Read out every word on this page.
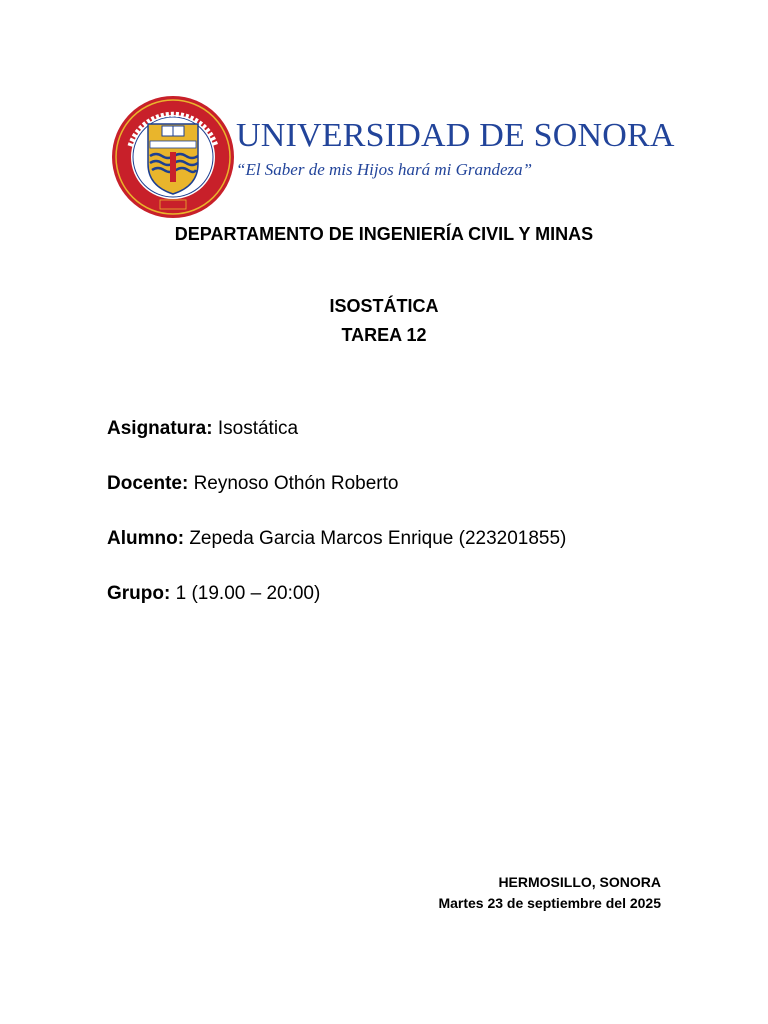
UNIVERSIDAD DE SONORA
“El Saber de mis Hijos hará mi Grandeza”
DEPARTAMENTO DE INGENIERÍA CIVIL Y MINAS
ISOSTÁTICA
TAREA 12
Asignatura: Isostática
Docente: Reynoso Othón Roberto
Alumno: Zepeda Garcia Marcos Enrique (223201855)
Grupo: 1 (19.00 – 20:00)
HERMOSILLO, SONORA
Martes 23 de septiembre del 2025
